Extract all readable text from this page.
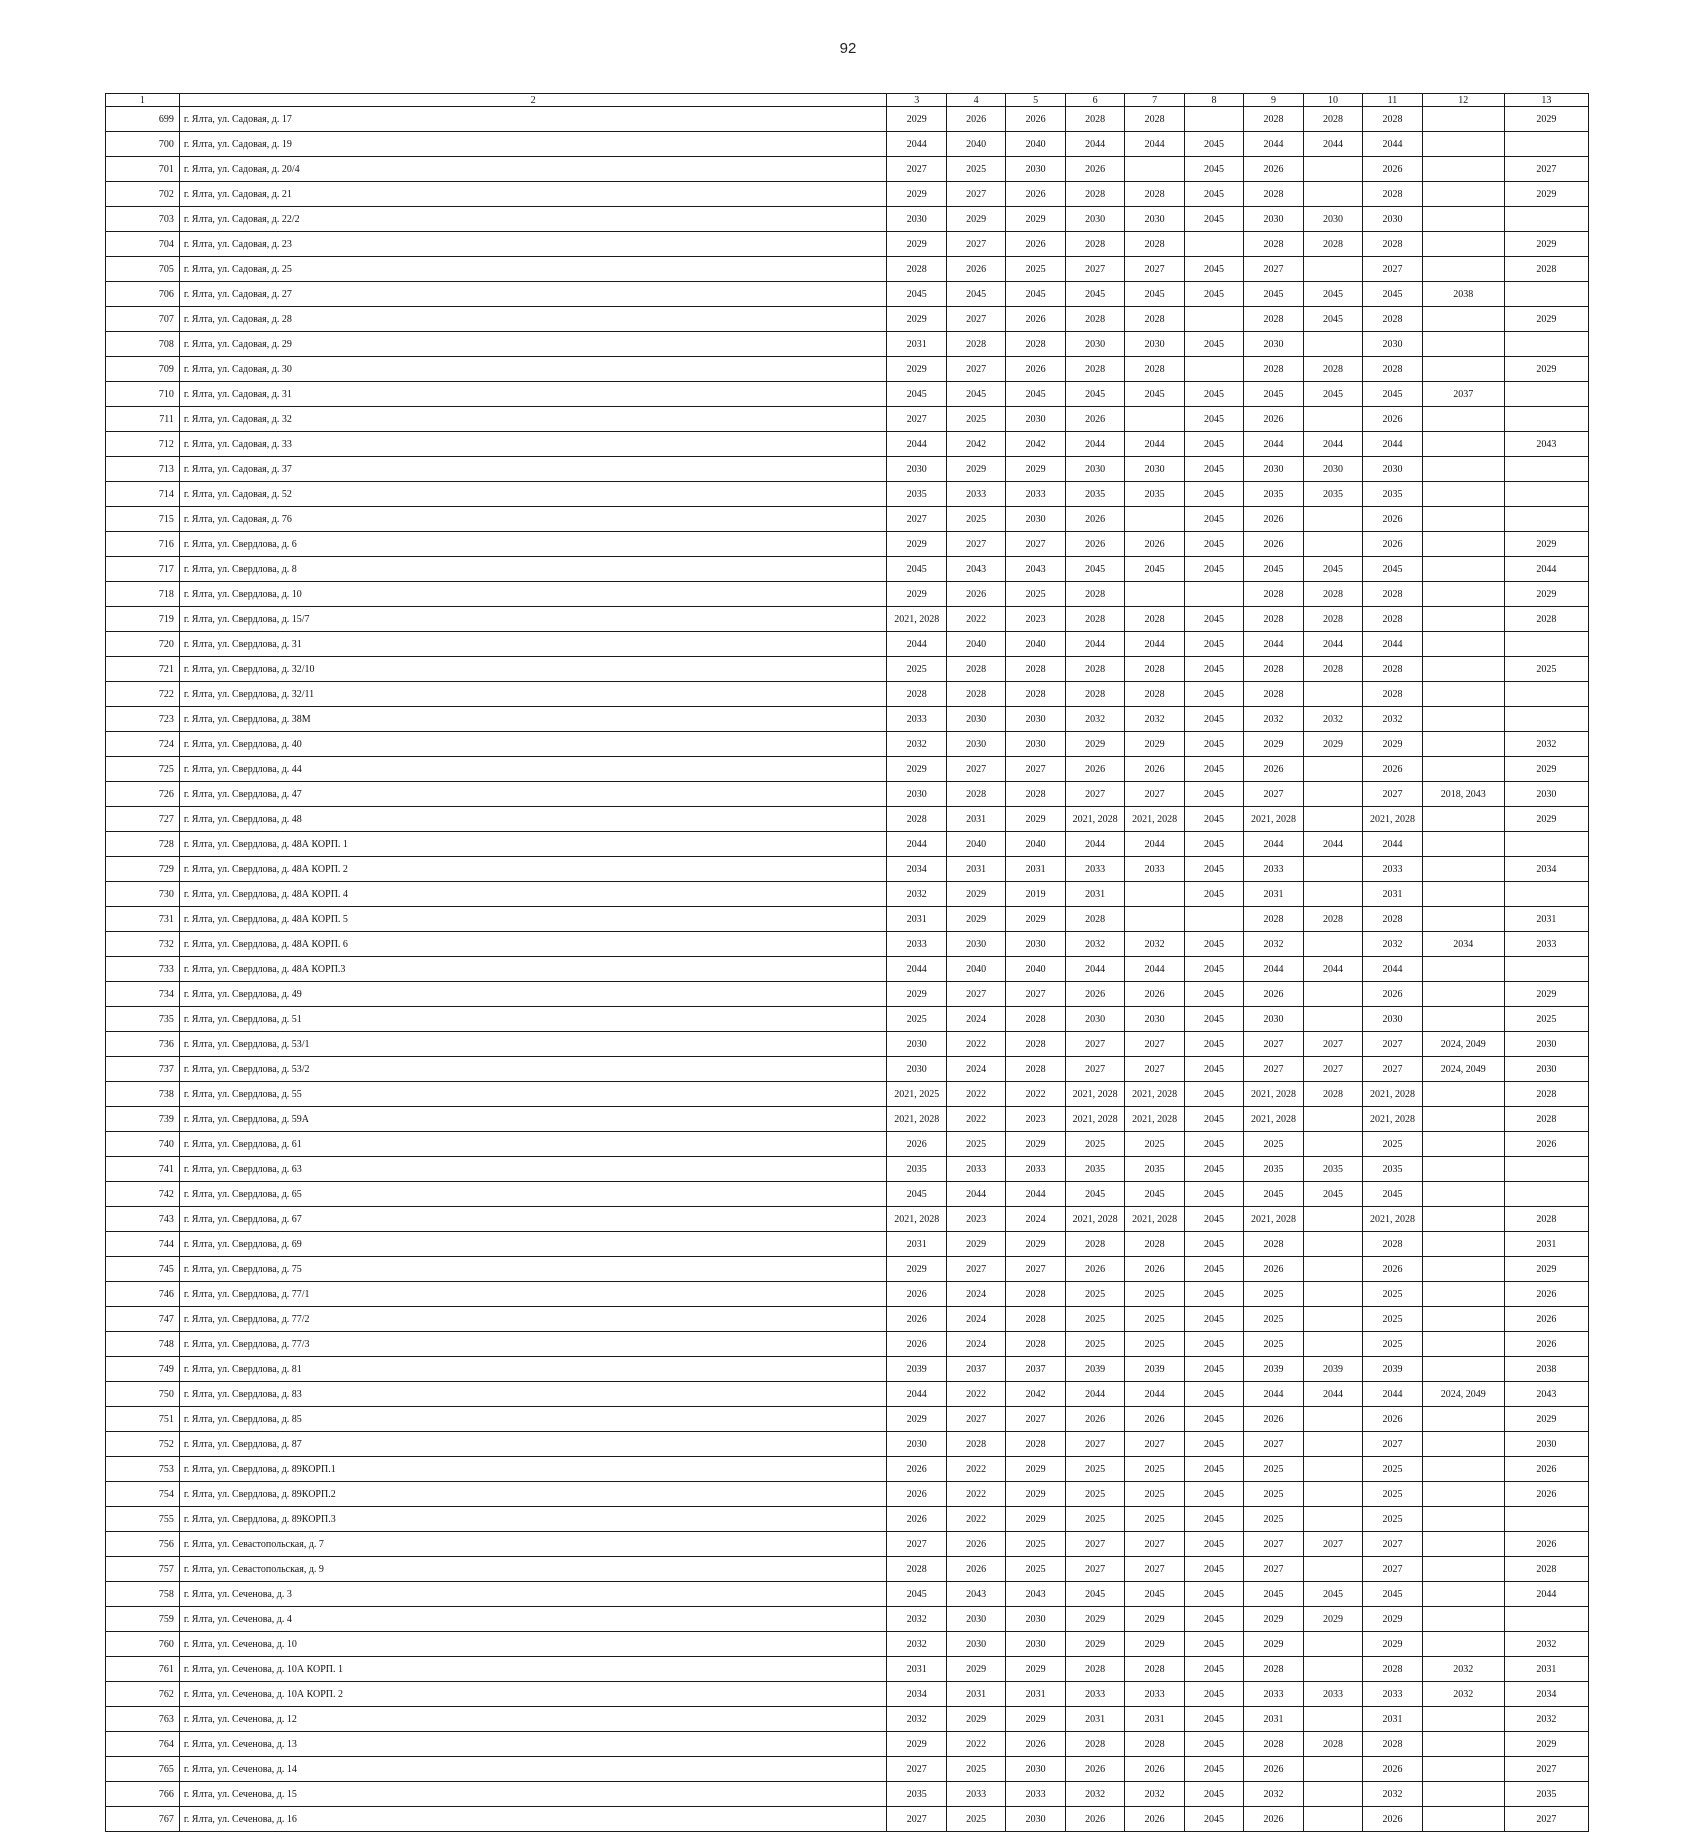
92
1	2	3	4	5	6	7	8	9	10	11	12	13
699	г. Ялта, ул. Садовая, д. 17	2029	2026	2026	2028	2028		2028	2028	2028		2029
700	г. Ялта, ул. Садовая, д. 19	2044	2040	2040	2044	2044	2045	2044	2044	2044		
701	г. Ялта, ул. Садовая, д. 20/4	2027	2025	2030	2026		2045	2026		2026		2027
702	г. Ялта, ул. Садовая, д. 21	2029	2027	2026	2028	2028	2045	2028		2028		2029
703	г. Ялта, ул. Садовая, д. 22/2	2030	2029	2029	2030	2030	2045	2030	2030	2030		
704	г. Ялта, ул. Садовая, д. 23	2029	2027	2026	2028	2028		2028	2028	2028		2029
705	г. Ялта, ул. Садовая, д. 25	2028	2026	2025	2027	2027	2045	2027		2027		2028
706	г. Ялта, ул. Садовая, д. 27	2045	2045	2045	2045	2045	2045	2045	2045	2045	2038	
707	г. Ялта, ул. Садовая, д. 28	2029	2027	2026	2028	2028		2028	2045	2028		2029
708	г. Ялта, ул. Садовая, д. 29	2031	2028	2028	2030	2030	2045	2030		2030		
709	г. Ялта, ул. Садовая, д. 30	2029	2027	2026	2028	2028		2028	2028	2028		2029
710	г. Ялта, ул. Садовая, д. 31	2045	2045	2045	2045	2045	2045	2045	2045	2045	2037	
711	г. Ялта, ул. Садовая, д. 32	2027	2025	2030	2026		2045	2026		2026		
712	г. Ялта, ул. Садовая, д. 33	2044	2042	2042	2044	2044	2045	2044	2044	2044		2043
713	г. Ялта, ул. Садовая, д. 37	2030	2029	2029	2030	2030	2045	2030	2030	2030		
714	г. Ялта, ул. Садовая, д. 52	2035	2033	2033	2035	2035	2045	2035	2035	2035		
715	г. Ялта, ул. Садовая, д. 76	2027	2025	2030	2026		2045	2026		2026		
716	г. Ялта, ул. Свердлова, д. 6	2029	2027	2027	2026	2026	2045	2026		2026		2029
717	г. Ялта, ул. Свердлова, д. 8	2045	2043	2043	2045	2045	2045	2045	2045	2045		2044
718	г. Ялта, ул. Свердлова, д. 10	2029	2026	2025	2028			2028	2028	2028		2029
719	г. Ялта, ул. Свердлова, д. 15/7	2021, 2028	2022	2023	2028	2028	2045	2028	2028	2028		2028
720	г. Ялта, ул. Свердлова, д. 31	2044	2040	2040	2044	2044	2045	2044	2044	2044		
721	г. Ялта, ул. Свердлова, д. 32/10	2025	2028	2028	2028	2028	2045	2028	2028	2028		2025
722	г. Ялта, ул. Свердлова, д. 32/11	2028	2028	2028	2028	2028	2045	2028		2028		
723	г. Ялта, ул. Свердлова, д. 38М	2033	2030	2030	2032	2032	2045	2032	2032	2032		
724	г. Ялта, ул. Свердлова, д. 40	2032	2030	2030	2029	2029	2045	2029	2029	2029		2032
725	г. Ялта, ул. Свердлова, д. 44	2029	2027	2027	2026	2026	2045	2026		2026		2029
726	г. Ялта, ул. Свердлова, д. 47	2030	2028	2028	2027	2027	2045	2027		2027	2018, 2043	2030
727	г. Ялта, ул. Свердлова, д. 48	2028	2031	2029	2021, 2028	2021, 2028	2045	2021, 2028		2021, 2028		2029
728	г. Ялта, ул. Свердлова, д. 48А КОРП. 1	2044	2040	2040	2044	2044	2045	2044	2044	2044		
729	г. Ялта, ул. Свердлова, д. 48А КОРП. 2	2034	2031	2031	2033	2033	2045	2033		2033		2034
730	г. Ялта, ул. Свердлова, д. 48А КОРП. 4	2032	2029	2019	2031		2045	2031		2031		
731	г. Ялта, ул. Свердлова, д. 48А КОРП. 5	2031	2029	2029	2028			2028	2028	2028		2031
732	г. Ялта, ул. Свердлова, д. 48А КОРП. 6	2033	2030	2030	2032	2032	2045	2032		2032	2034	2033
733	г. Ялта, ул. Свердлова, д. 48А КОРП.3	2044	2040	2040	2044	2044	2045	2044	2044	2044		
734	г. Ялта, ул. Свердлова, д. 49	2029	2027	2027	2026	2026	2045	2026		2026		2029
735	г. Ялта, ул. Свердлова, д. 51	2025	2024	2028	2030	2030	2045	2030		2030		2025
736	г. Ялта, ул. Свердлова, д. 53/1	2030	2022	2028	2027	2027	2045	2027	2027	2027	2024, 2049	2030
737	г. Ялта, ул. Свердлова, д. 53/2	2030	2024	2028	2027	2027	2045	2027	2027	2027	2024, 2049	2030
738	г. Ялта, ул. Свердлова, д. 55	2021, 2025	2022	2022	2021, 2028	2021, 2028	2045	2021, 2028	2028	2021, 2028		2028
739	г. Ялта, ул. Свердлова, д. 59А	2021, 2028	2022	2023	2021, 2028	2021, 2028	2045	2021, 2028		2021, 2028		2028
740	г. Ялта, ул. Свердлова, д. 61	2026	2025	2029	2025	2025	2045	2025		2025		2026
741	г. Ялта, ул. Свердлова, д. 63	2035	2033	2033	2035	2035	2045	2035	2035	2035		
742	г. Ялта, ул. Свердлова, д. 65	2045	2044	2044	2045	2045	2045	2045	2045	2045		
743	г. Ялта, ул. Свердлова, д. 67	2021, 2028	2023	2024	2021, 2028	2021, 2028	2045	2021, 2028		2021, 2028		2028
744	г. Ялта, ул. Свердлова, д. 69	2031	2029	2029	2028	2028	2045	2028		2028		2031
745	г. Ялта, ул. Свердлова, д. 75	2029	2027	2027	2026	2026	2045	2026		2026		2029
746	г. Ялта, ул. Свердлова, д. 77/1	2026	2024	2028	2025	2025	2045	2025		2025		2026
747	г. Ялта, ул. Свердлова, д. 77/2	2026	2024	2028	2025	2025	2045	2025		2025		2026
748	г. Ялта, ул. Свердлова, д. 77/3	2026	2024	2028	2025	2025	2045	2025		2025		2026
749	г. Ялта, ул. Свердлова, д. 81	2039	2037	2037	2039	2039	2045	2039	2039	2039		2038
750	г. Ялта, ул. Свердлова, д. 83	2044	2022	2042	2044	2044	2045	2044	2044	2044	2024, 2049	2043
751	г. Ялта, ул. Свердлова, д. 85	2029	2027	2027	2026	2026	2045	2026		2026		2029
752	г. Ялта, ул. Свердлова, д. 87	2030	2028	2028	2027	2027	2045	2027		2027		2030
753	г. Ялта, ул. Свердлова, д. 89КОРП.1	2026	2022	2029	2025	2025	2045	2025		2025		2026
754	г. Ялта, ул. Свердлова, д. 89КОРП.2	2026	2022	2029	2025	2025	2045	2025		2025		2026
755	г. Ялта, ул. Свердлова, д. 89КОРП.3	2026	2022	2029	2025	2025	2045	2025		2025		
756	г. Ялта, ул. Севастопольская, д. 7	2027	2026	2025	2027	2027	2045	2027	2027	2027		2026
757	г. Ялта, ул. Севастопольская, д. 9	2028	2026	2025	2027	2027	2045	2027		2027		2028
758	г. Ялта, ул. Сеченова, д. 3	2045	2043	2043	2045	2045	2045	2045	2045	2045		2044
759	г. Ялта, ул. Сеченова, д. 4	2032	2030	2030	2029	2029	2045	2029	2029	2029		
760	г. Ялта, ул. Сеченова, д. 10	2032	2030	2030	2029	2029	2045	2029		2029		2032
761	г. Ялта, ул. Сеченова, д. 10А КОРП. 1	2031	2029	2029	2028	2028	2045	2028		2028	2032	2031
762	г. Ялта, ул. Сеченова, д. 10А КОРП. 2	2034	2031	2031	2033	2033	2045	2033	2033	2033	2032	2034
763	г. Ялта, ул. Сеченова, д. 12	2032	2029	2029	2031	2031	2045	2031		2031		2032
764	г. Ялта, ул. Сеченова, д. 13	2029	2022	2026	2028	2028	2045	2028	2028	2028		2029
765	г. Ялта, ул. Сеченова, д. 14	2027	2025	2030	2026	2026	2045	2026		2026		2027
766	г. Ялта, ул. Сеченова, д. 15	2035	2033	2033	2032	2032	2045	2032		2032		2035
767	г. Ялта, ул. Сеченова, д. 16	2027	2025	2030	2026	2026	2045	2026		2026		2027
